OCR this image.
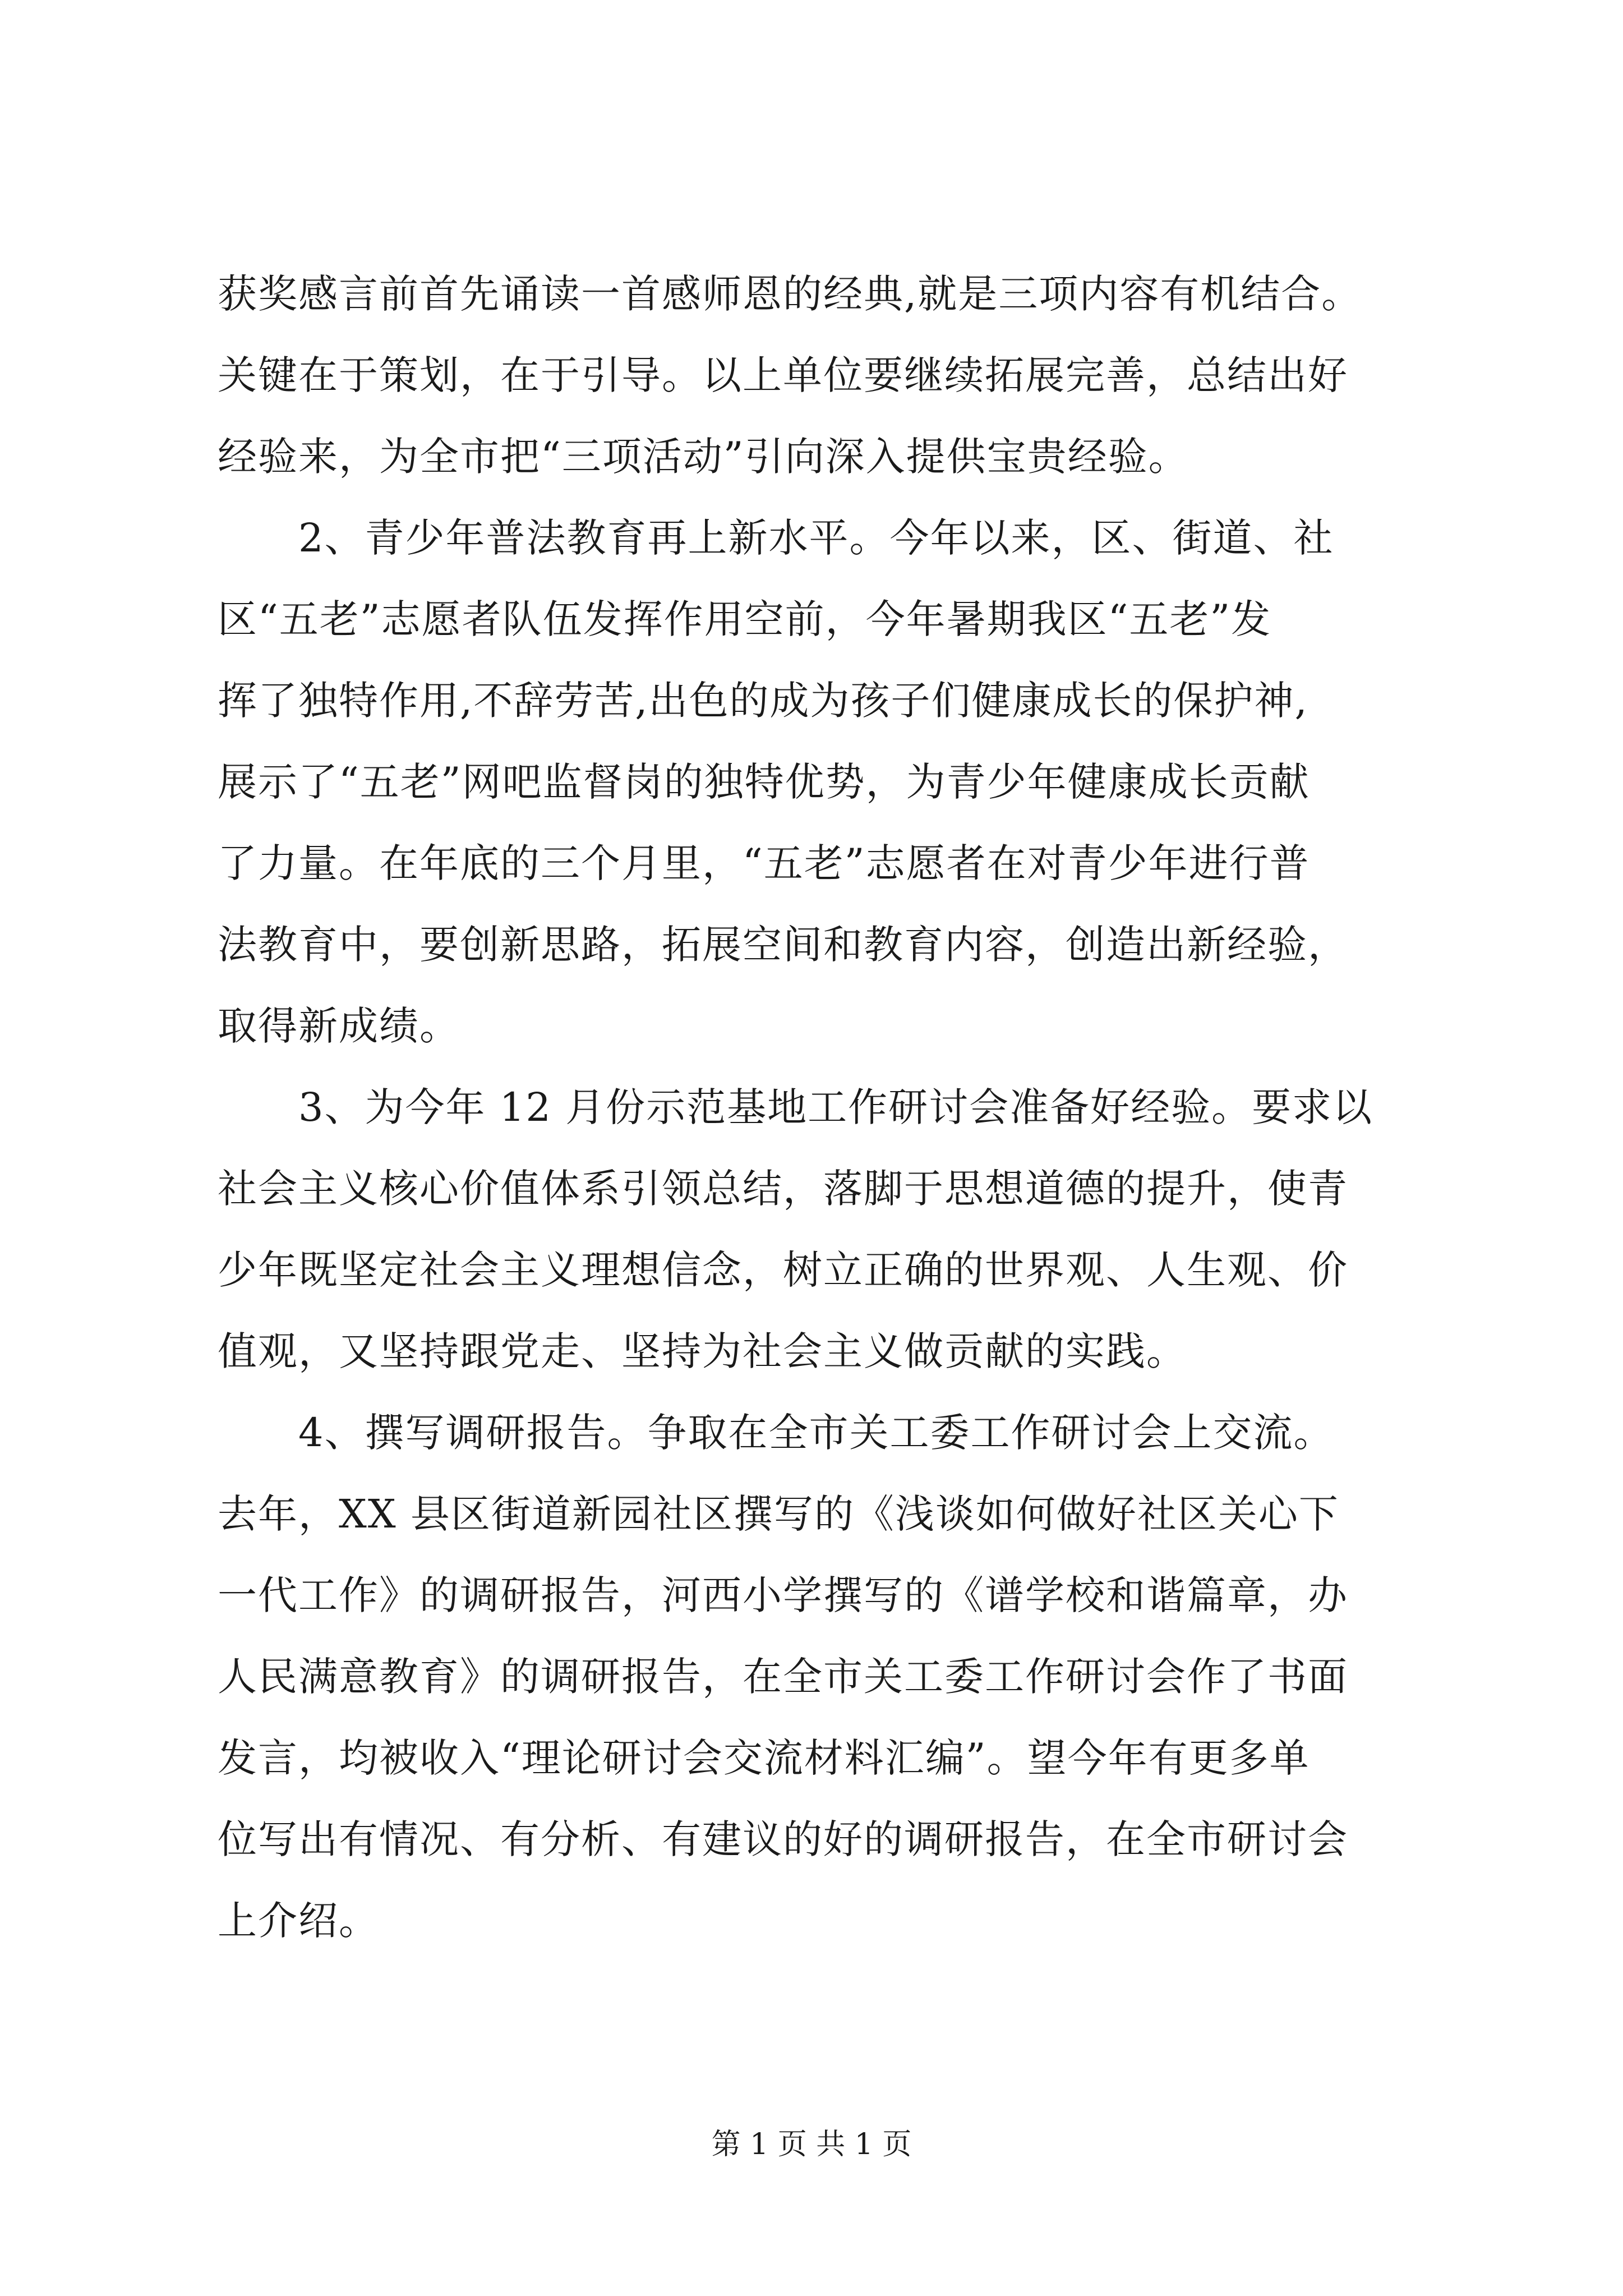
获奖感言前首先诵读一首感师恩的经典,就是三项内容有机结合。
关键在于策划，在于引导。以上单位要继续拓展完善，总结出好
经验来，为全市把“三项活动”引向深入提供宝贵经验。
　　2、青少年普法教育再上新水平。今年以来，区、街道、社
区“五老”志愿者队伍发挥作用空前，今年暑期我区“五老”发
挥了独特作用,不辞劳苦,出色的成为孩子们健康成长的保护神,
展示了“五老”网吧监督岗的独特优势，为青少年健康成长贡献
了力量。在年底的三个月里，“五老”志愿者在对青少年进行普
法教育中，要创新思路，拓展空间和教育内容，创造出新经验，
取得新成绩。
　　3、为今年 12 月份示范基地工作研讨会准备好经验。要求以
社会主义核心价值体系引领总结，落脚于思想道德的提升，使青
少年既坚定社会主义理想信念，树立正确的世界观、人生观、价
值观，又坚持跟党走、坚持为社会主义做贡献的实践。
　　4、撰写调研报告。争取在全市关工委工作研讨会上交流。
去年，XX 县区街道新园社区撰写的《浅谈如何做好社区关心下
一代工作》的调研报告，河西小学撰写的《谱学校和谐篇章，办
人民满意教育》的调研报告，在全市关工委工作研讨会作了书面
发言，均被收入“理论研讨会交流材料汇编”。望今年有更多单
位写出有情况、有分析、有建议的好的调研报告，在全市研讨会
上介绍。
第 1 页 共 1 页
